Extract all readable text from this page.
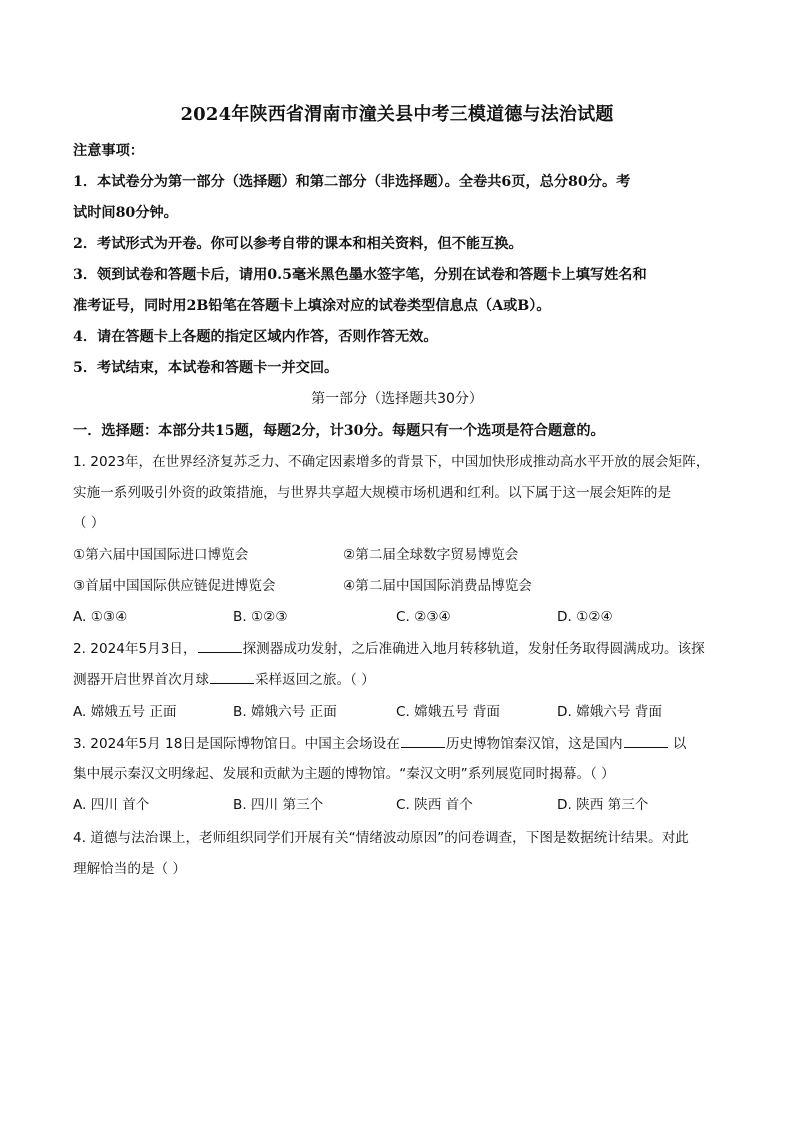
2024年陕西省渭南市潼关县中考三模道德与法治试题
注意事项：
1．本试卷分为第一部分（选择题）和第二部分（非选择题）。全卷共6页，总分80分。考
试时间80分钟。
2．考试形式为开卷。你可以参考自带的课本和相关资料，但不能互换。
3．领到试卷和答题卡后，请用0.5毫米黑色墨水签字笔，分别在试卷和答题卡上填写姓名和
准考证号，同时用2B铅笔在答题卡上填涂对应的试卷类型信息点（A或B）。
4．请在答题卡上各题的指定区域内作答，否则作答无效。
5．考试结束，本试卷和答题卡一并交回。
第一部分（选择题共30分）
一．选择题：本部分共15题，每题2分，计30分。每题只有一个选项是符合题意的。
1. 2023年，在世界经济复苏乏力、不确定因素增多的背景下，中国加快形成推动高水平开放的展会矩阵，
实施一系列吸引外资的政策措施，与世界共享超大规模市场机遇和红利。以下属于这一展会矩阵的是
（ ）
①第六届中国国际进口博览会	②第二届全球数字贸易博览会
③首届中国国际供应链促进博览会	④第二届中国国际消费品博览会
A. ①③④	B. ①②③	C. ②③④	D. ①②④
2. 2024年5月3日，	探测器成功发射，之后准确进入地月转移轨道，发射任务取得圆满成功。该探
测器开启世界首次月球	采样返回之旅。（ ）
A. 嫦娥五号 正面	B. 嫦娥六号 正面	C. 嫦娥五号 背面	D. 嫦娥六号 背面
3. 2024年5月 18日是国际博物馆日。中国主会场设在	历史博物馆秦汉馆，这是国内	以
集中展示秦汉文明缘起、发展和贡献为主题的博物馆。“秦汉文明”系列展览同时揭幕。（ ）
A. 四川 首个	B. 四川 第三个	C. 陕西 首个	D. 陕西 第三个
4. 道德与法治课上，老师组织同学们开展有关“情绪波动原因”的问卷调查，下图是数据统计结果。对此
理解恰当的是（ ）
